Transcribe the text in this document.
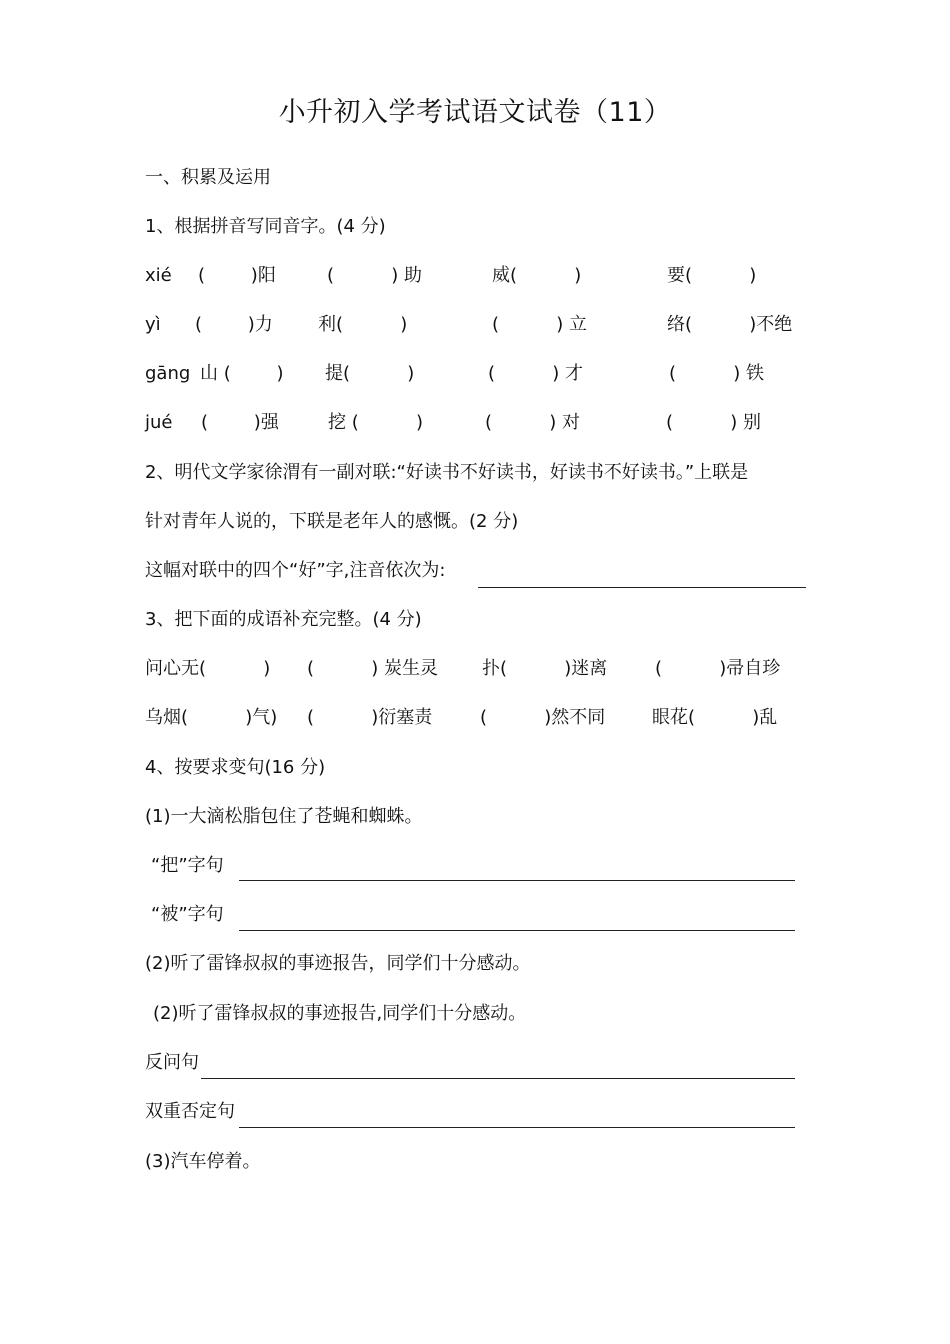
小升初入学考试语文试卷（11）
一、积累及运用
1、根据拼音写同音字。(4 分)
xié (        )阳	(          ) 助	威(          )	要(          )
yì (        )力	利(          )	(          ) 立	络(          )不绝
gāng 山 (        ) 提(          )	(          ) 才	(          ) 铁
jué (        )强	挖 (          )	(          ) 对	(          ) 别
2、明代文学家徐渭有一副对联:“好读书不好读书，好读书不好读书。”上联是
针对青年人说的，下联是老年人的感慨。(2 分)
这幅对联中的四个“好”字,注音依次为:
3、把下面的成语补充完整。(4 分)
问心无(          ) (          ) 炭生灵 扑(          )迷离	(          )帚自珍
乌烟(          )气) (          )衍塞责	(          )然不同	眼花(          )乱
4、按要求变句(16 分)
(1)一大滴松脂包住了苍蝇和蜘蛛。
“把”字句
“被”字句
(2)听了雷锋叔叔的事迹报告，同学们十分感动。
(2)听了雷锋叔叔的事迹报告,同学们十分感动。
反问句
双重否定句
(3)汽车停着。
